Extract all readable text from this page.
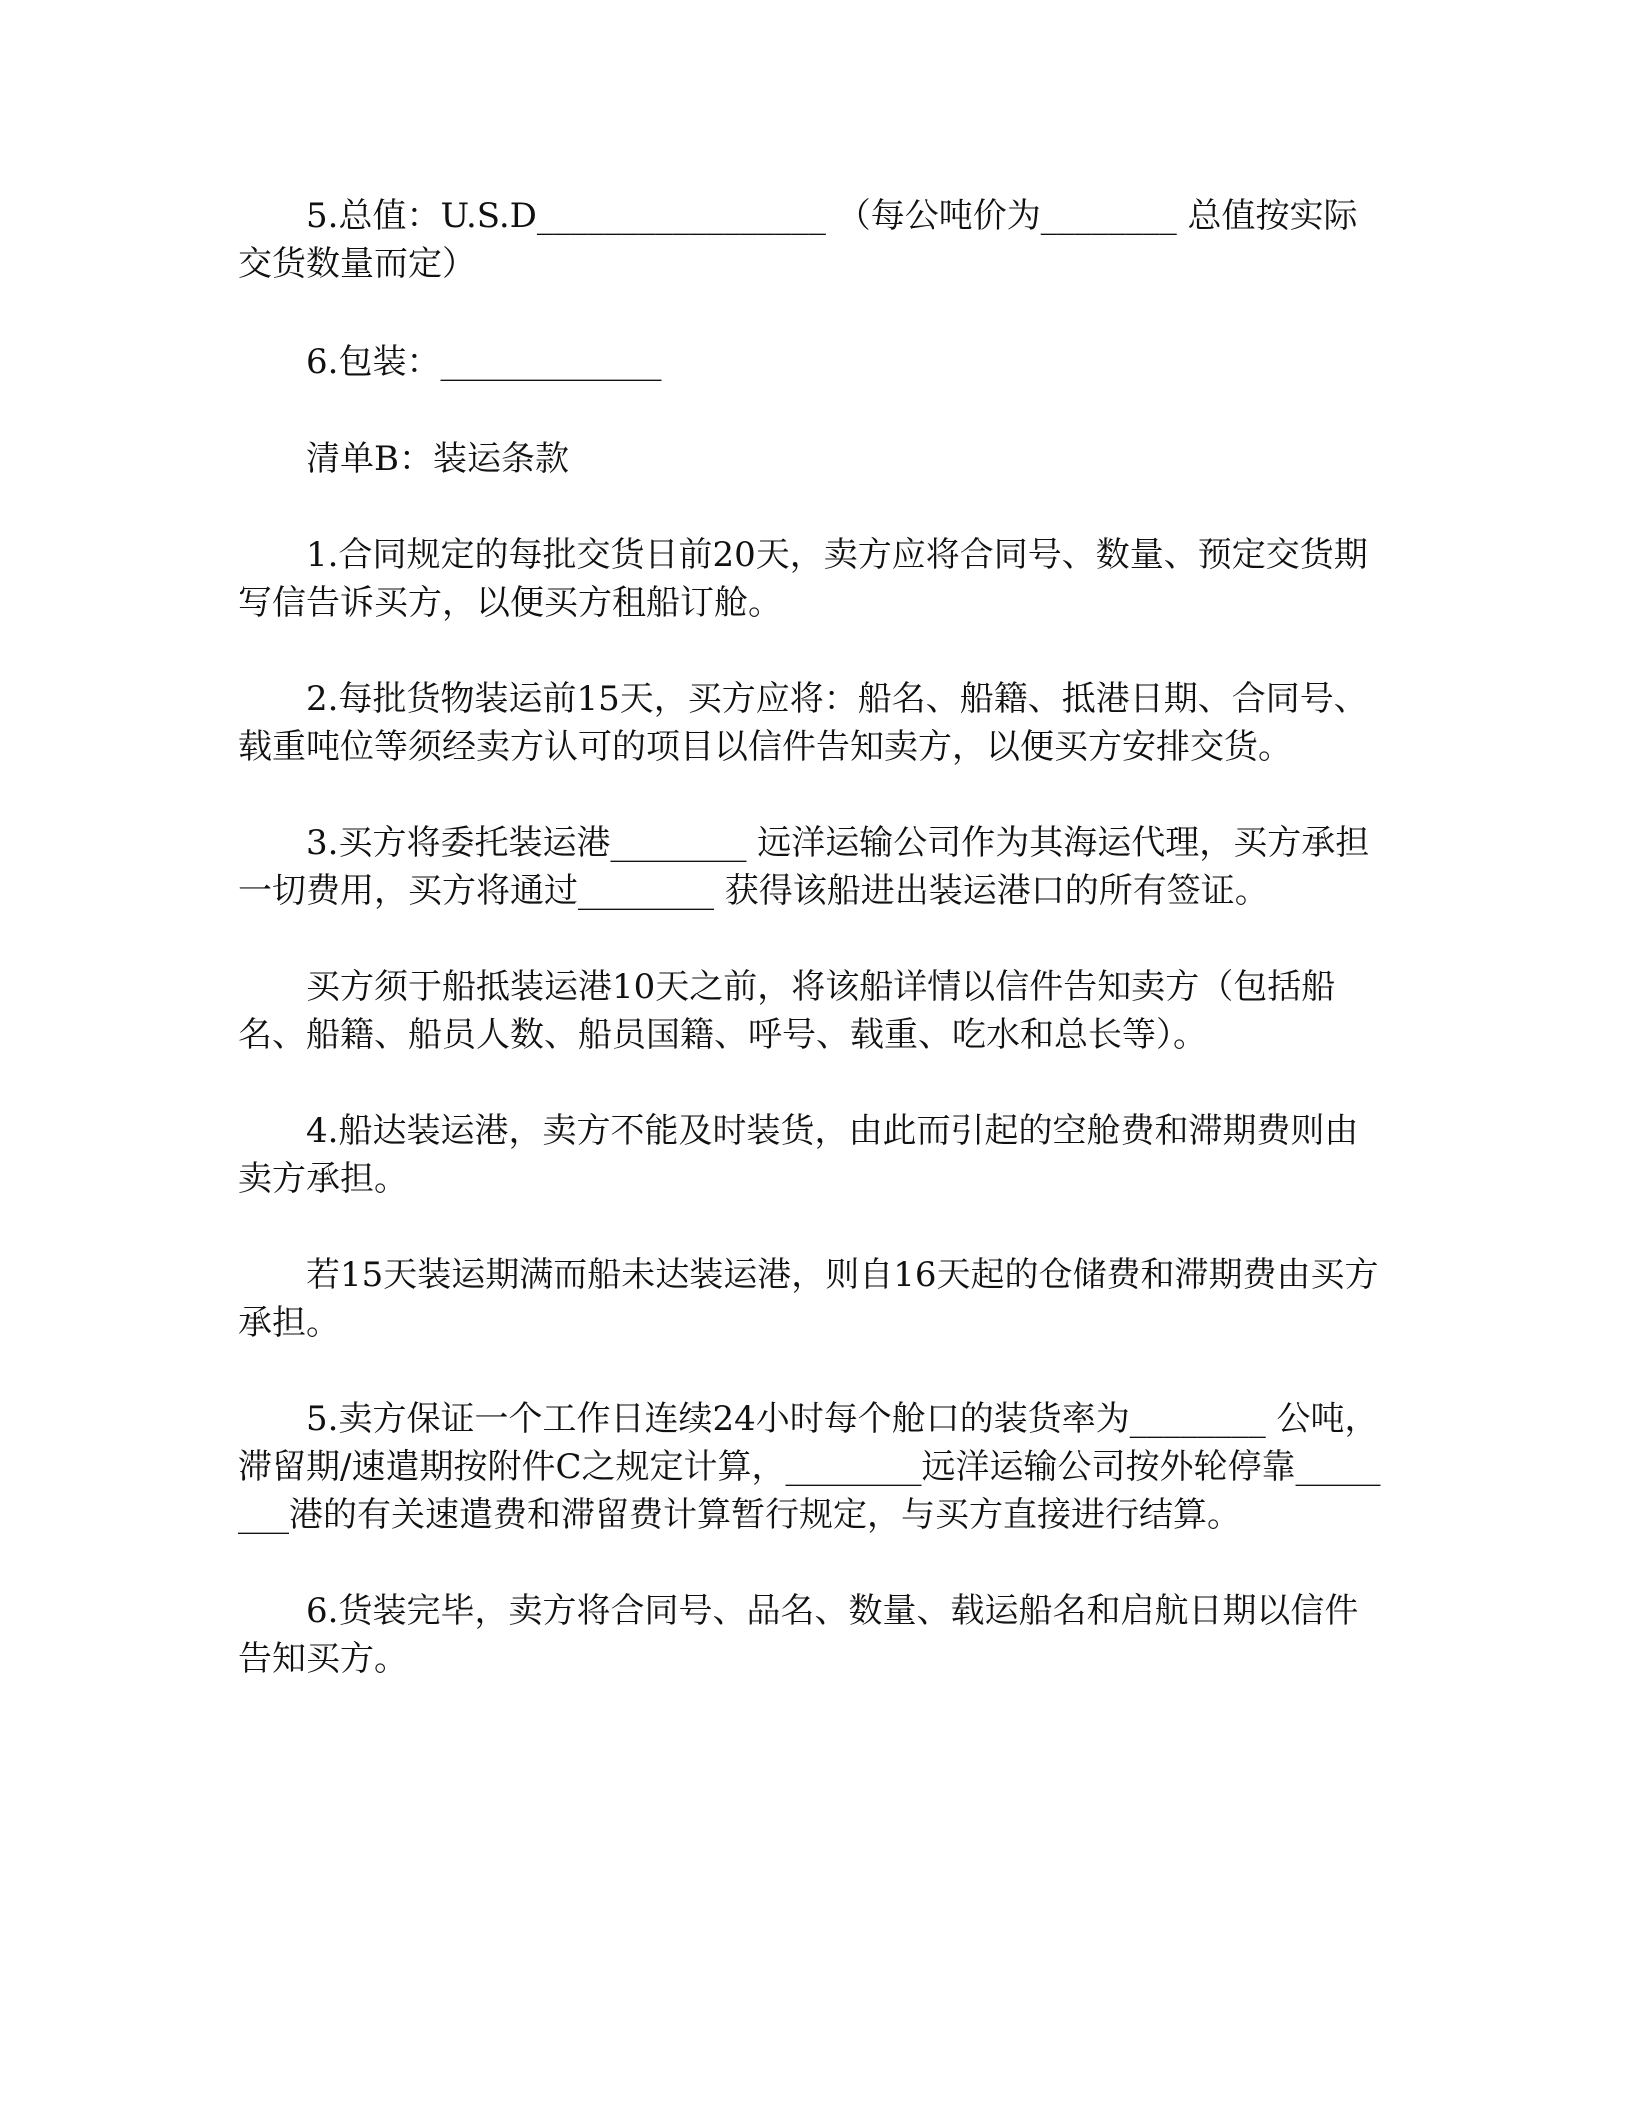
5.总值：U.S.D_________________ （每公吨价为________ 总值按实际交货数量而定）

6.包装：_____________

清单B：装运条款

1.合同规定的每批交货日前20天，卖方应将合同号、数量、预定交货期写信告诉买方，以便买方租船订舱。

2.每批货物装运前15天，买方应将：船名、船籍、抵港日期、合同号、载重吨位等须经卖方认可的项目以信件告知卖方，以便买方安排交货。

3.买方将委托装运港________ 远洋运输公司作为其海运代理，买方承担一切费用，买方将通过________ 获得该船进出装运港口的所有签证。

买方须于船抵装运港10天之前，将该船详情以信件告知卖方（包括船名、船籍、船员人数、船员国籍、呼号、载重、吃水和总长等）。

4.船达装运港，卖方不能及时装货，由此而引起的空舱费和滞期费则由卖方承担。

若15天装运期满而船未达装运港，则自16天起的仓储费和滞期费由买方承担。

5.卖方保证一个工作日连续24小时每个舱口的装货率为________ 公吨，滞留期/速遣期按附件C之规定计算，________远洋运输公司按外轮停靠________港的有关速遣费和滞留费计算暂行规定，与买方直接进行结算。

6.货装完毕，卖方将合同号、品名、数量、载运船名和启航日期以信件告知买方。
